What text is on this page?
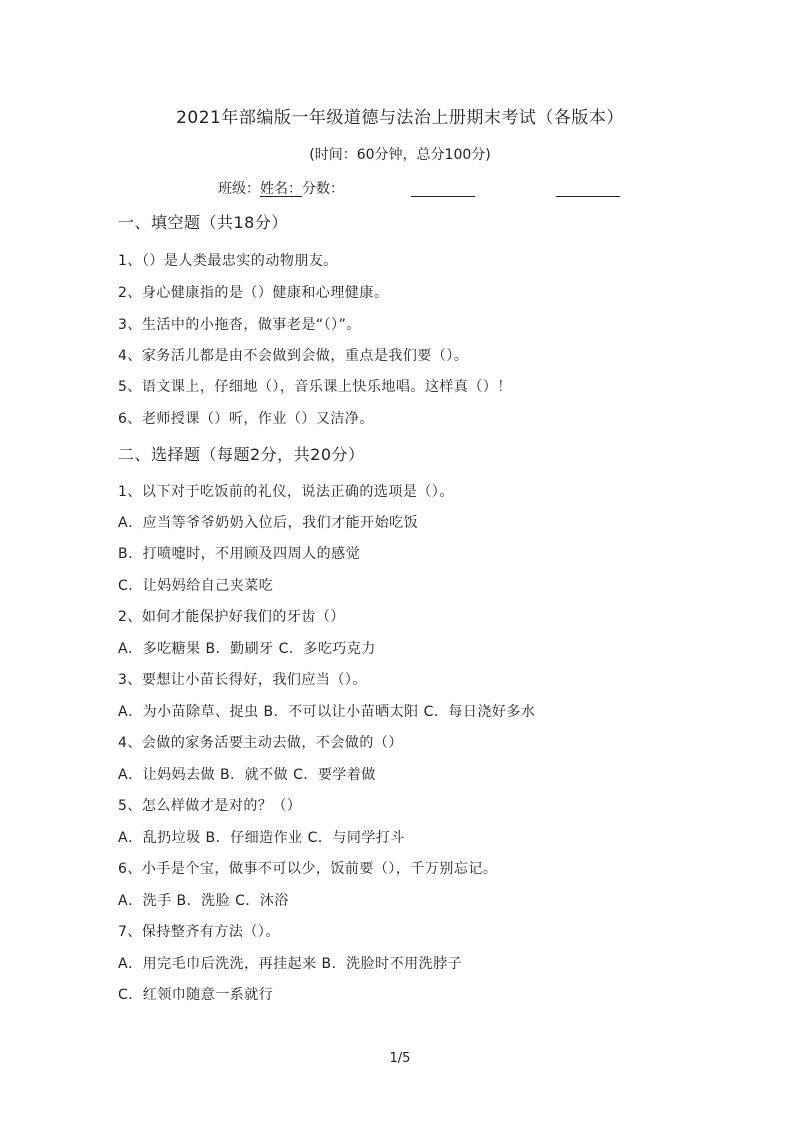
2021年部编版一年级道德与法治上册期末考试（各版本）
(时间：60分钟，总分100分)
班级：姓名：分数：
一、填空题（共18分）
1、（）是人类最忠实的动物朋友。
2、身心健康指的是（）健康和心理健康。
3、生活中的小拖沓，做事老是“（）”。
4、家务活儿都是由不会做到会做，重点是我们要（）。
5、语文课上，仔细地（），音乐课上快乐地唱。这样真（）！
6、老师授课（）听，作业（）又洁净。
二、选择题（每题2分，共20分）
1、以下对于吃饭前的礼仪，说法正确的选项是（）。
A．应当等爷爷奶奶入位后，我们才能开始吃饭
B．打喷嚏时，不用顾及四周人的感觉
C．让妈妈给自己夹菜吃
2、如何才能保护好我们的牙齿（）
A．多吃糖果 B．勤刷牙 C．多吃巧克力
3、要想让小苗长得好，我们应当（）。
A．为小苗除草、捉虫 B．不可以让小苗晒太阳 C．每日浇好多水
4、会做的家务活要主动去做，不会做的（）
A．让妈妈去做 B．就不做 C．要学着做
5、怎么样做才是对的？（）
A．乱扔垃圾 B．仔细造作业 C．与同学打斗
6、小手是个宝，做事不可以少，饭前要（），千万别忘记。
A．洗手 B．洗脸 C．沐浴
7、保持整齐有方法（）。
A．用完毛巾后洗洗，再挂起来 B．洗脸时不用洗脖子
C．红领巾随意一系就行
1/5
